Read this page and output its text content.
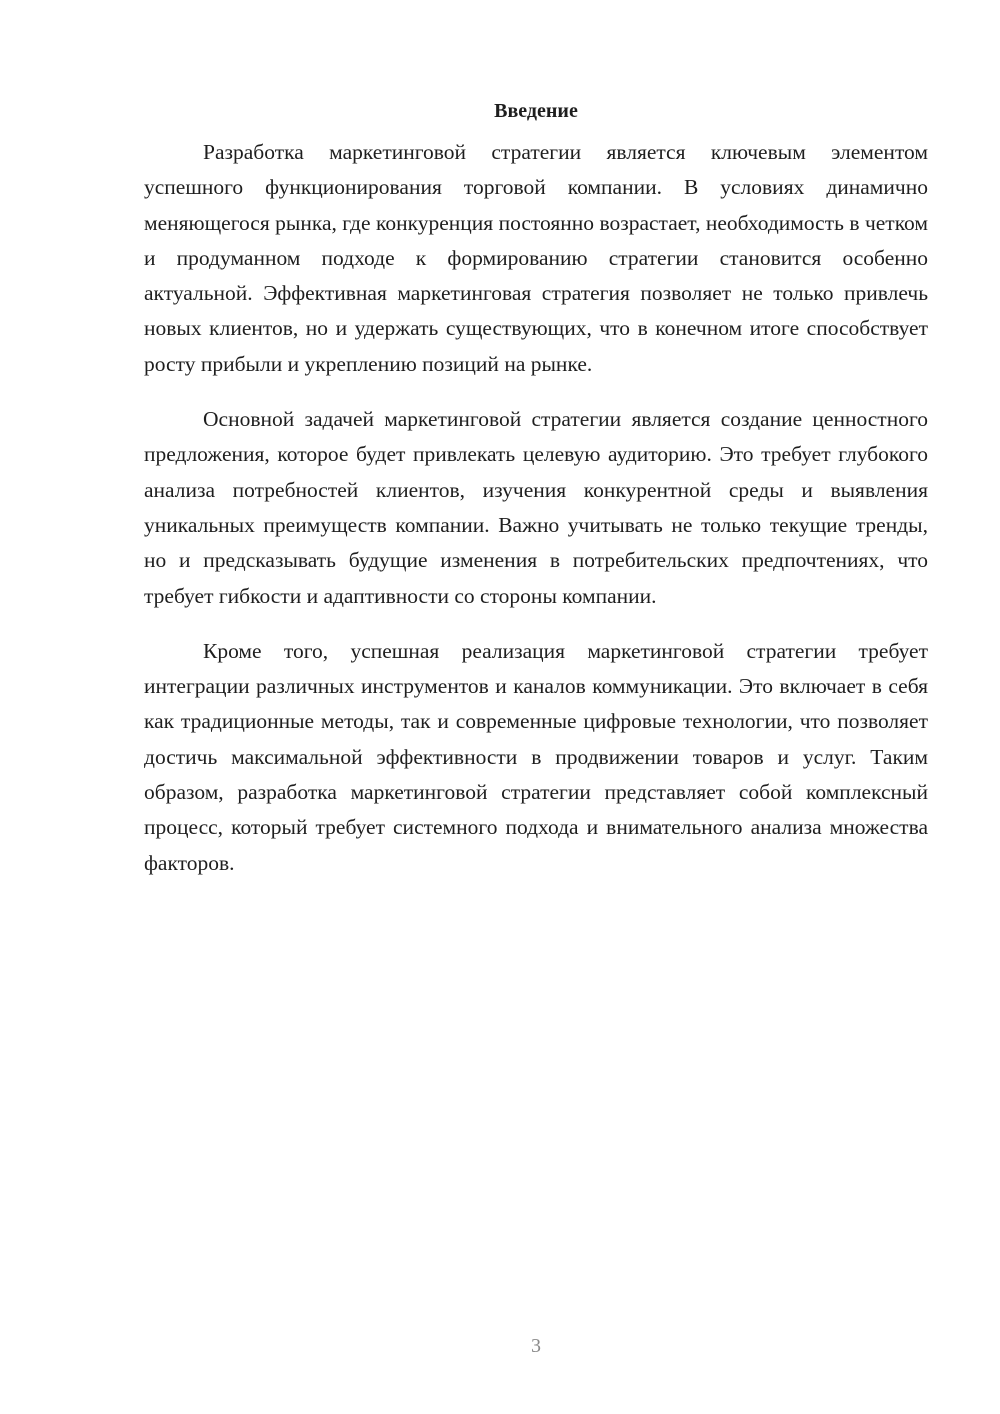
Введение

Разработка маркетинговой стратегии является ключевым элементом успешного функционирования торговой компании. В условиях динамично меняющегося рынка, где конкуренция постоянно возрастает, необходимость в четком и продуманном подходе к формированию стратегии становится особенно актуальной. Эффективная маркетинговая стратегия позволяет не только привлечь новых клиентов, но и удержать существующих, что в конечном итоге способствует росту прибыли и укреплению позиций на рынке.

Основной задачей маркетинговой стратегии является создание ценностного предложения, которое будет привлекать целевую аудиторию. Это требует глубокого анализа потребностей клиентов, изучения конкурентной среды и выявления уникальных преимуществ компании. Важно учитывать не только текущие тренды, но и предсказывать будущие изменения в потребительских предпочтениях, что требует гибкости и адаптивности со стороны компании.

Кроме того, успешная реализация маркетинговой стратегии требует интеграции различных инструментов и каналов коммуникации. Это включает в себя как традиционные методы, так и современные цифровые технологии, что позволяет достичь максимальной эффективности в продвижении товаров и услуг. Таким образом, разработка маркетинговой стратегии представляет собой комплексный процесс, который требует системного подхода и внимательного анализа множества факторов.

3
